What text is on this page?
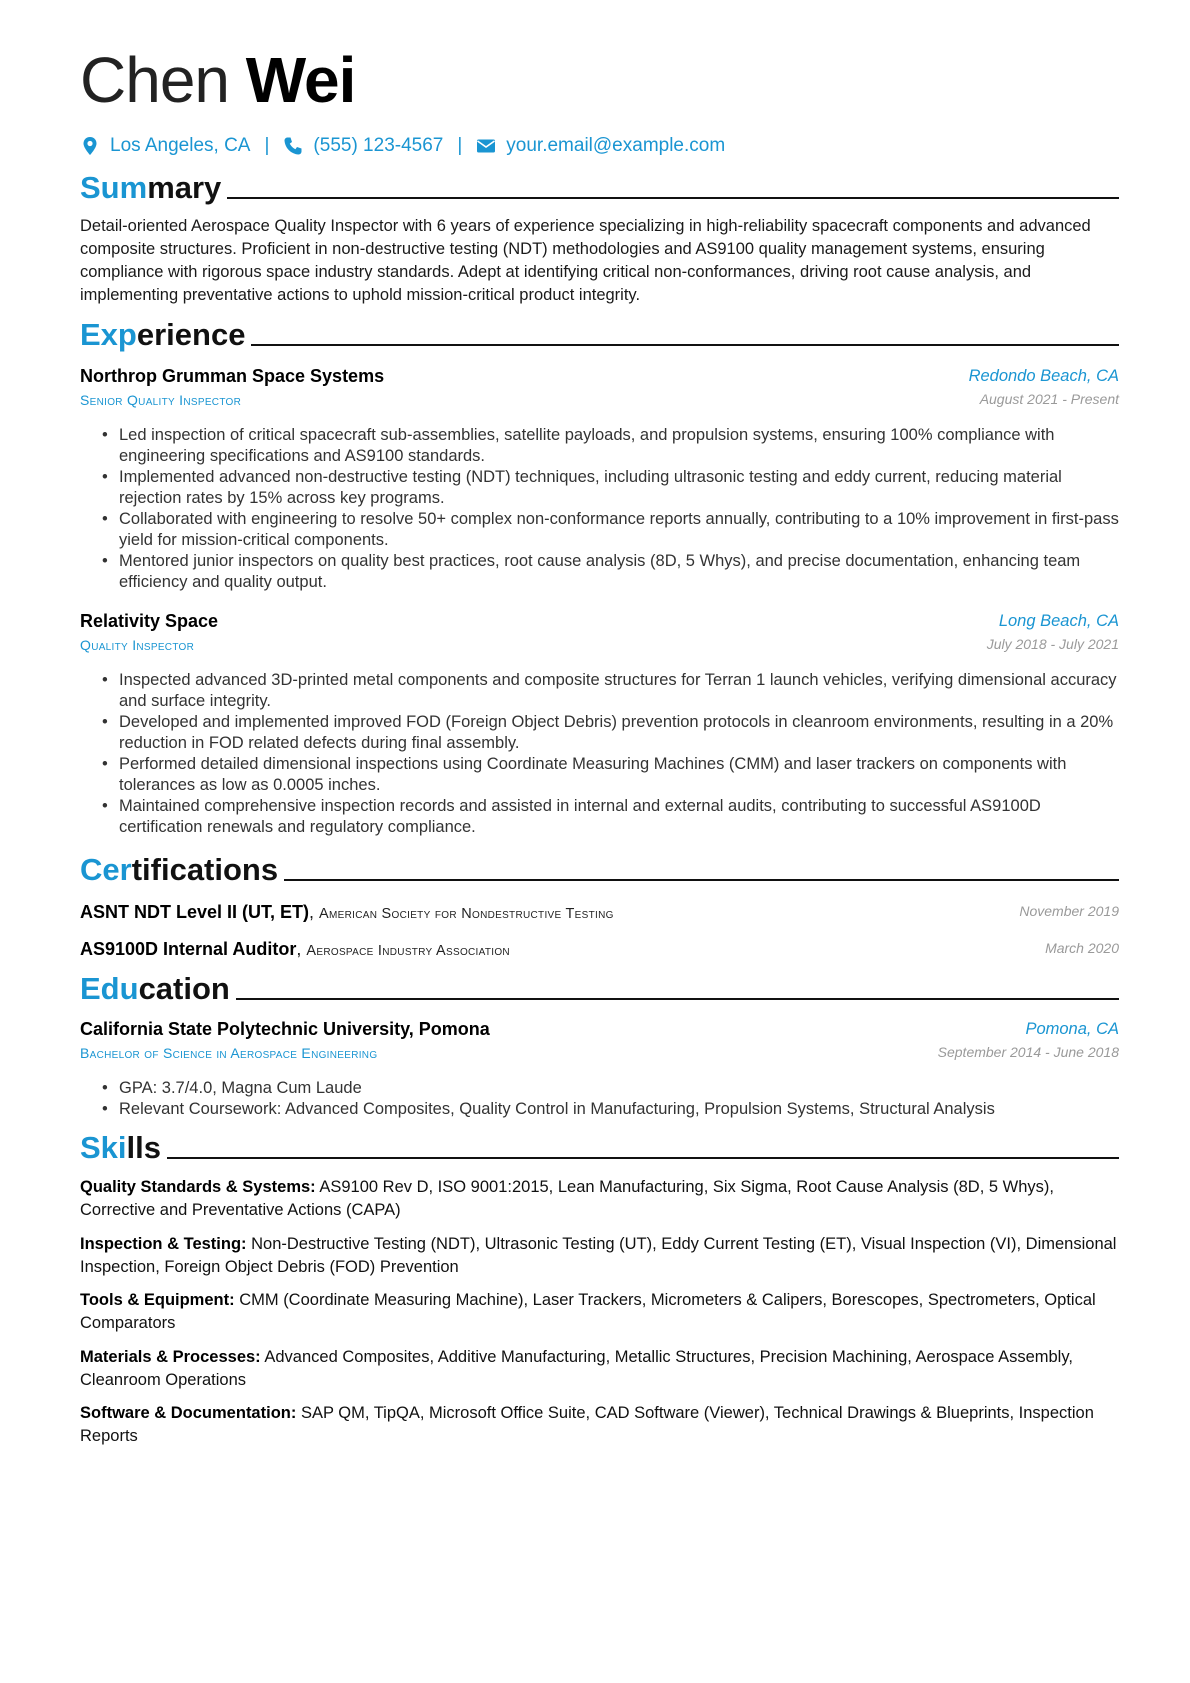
Chen Wei
Los Angeles, CA | (555) 123-4567 | your.email@example.com
Summary
Detail-oriented Aerospace Quality Inspector with 6 years of experience specializing in high-reliability spacecraft components and advanced composite structures. Proficient in non-destructive testing (NDT) methodologies and AS9100 quality management systems, ensuring compliance with rigorous space industry standards. Adept at identifying critical non-conformances, driving root cause analysis, and implementing preventative actions to uphold mission-critical product integrity.
Experience
Northrop Grumman Space Systems	Redondo Beach, CA
Senior Quality Inspector	August 2021 - Present
• Led inspection of critical spacecraft sub-assemblies, satellite payloads, and propulsion systems, ensuring 100% compliance with engineering specifications and AS9100 standards.
• Implemented advanced non-destructive testing (NDT) techniques, including ultrasonic testing and eddy current, reducing material rejection rates by 15% across key programs.
• Collaborated with engineering to resolve 50+ complex non-conformance reports annually, contributing to a 10% improvement in first-pass yield for mission-critical components.
• Mentored junior inspectors on quality best practices, root cause analysis (8D, 5 Whys), and precise documentation, enhancing team efficiency and quality output.
Relativity Space	Long Beach, CA
Quality Inspector	July 2018 - July 2021
• Inspected advanced 3D-printed metal components and composite structures for Terran 1 launch vehicles, verifying dimensional accuracy and surface integrity.
• Developed and implemented improved FOD (Foreign Object Debris) prevention protocols in cleanroom environments, resulting in a 20% reduction in FOD related defects during final assembly.
• Performed detailed dimensional inspections using Coordinate Measuring Machines (CMM) and laser trackers on components with tolerances as low as 0.0005 inches.
• Maintained comprehensive inspection records and assisted in internal and external audits, contributing to successful AS9100D certification renewals and regulatory compliance.
Certifications
ASNT NDT Level II (UT, ET), American Society for Nondestructive Testing	November 2019
AS9100D Internal Auditor, Aerospace Industry Association	March 2020
Education
California State Polytechnic University, Pomona	Pomona, CA
Bachelor of Science in Aerospace Engineering	September 2014 - June 2018
• GPA: 3.7/4.0, Magna Cum Laude
• Relevant Coursework: Advanced Composites, Quality Control in Manufacturing, Propulsion Systems, Structural Analysis
Skills
Quality Standards & Systems: AS9100 Rev D, ISO 9001:2015, Lean Manufacturing, Six Sigma, Root Cause Analysis (8D, 5 Whys), Corrective and Preventative Actions (CAPA)
Inspection & Testing: Non-Destructive Testing (NDT), Ultrasonic Testing (UT), Eddy Current Testing (ET), Visual Inspection (VI), Dimensional Inspection, Foreign Object Debris (FOD) Prevention
Tools & Equipment: CMM (Coordinate Measuring Machine), Laser Trackers, Micrometers & Calipers, Borescopes, Spectrometers, Optical Comparators
Materials & Processes: Advanced Composites, Additive Manufacturing, Metallic Structures, Precision Machining, Aerospace Assembly, Cleanroom Operations
Software & Documentation: SAP QM, TipQA, Microsoft Office Suite, CAD Software (Viewer), Technical Drawings & Blueprints, Inspection Reports
